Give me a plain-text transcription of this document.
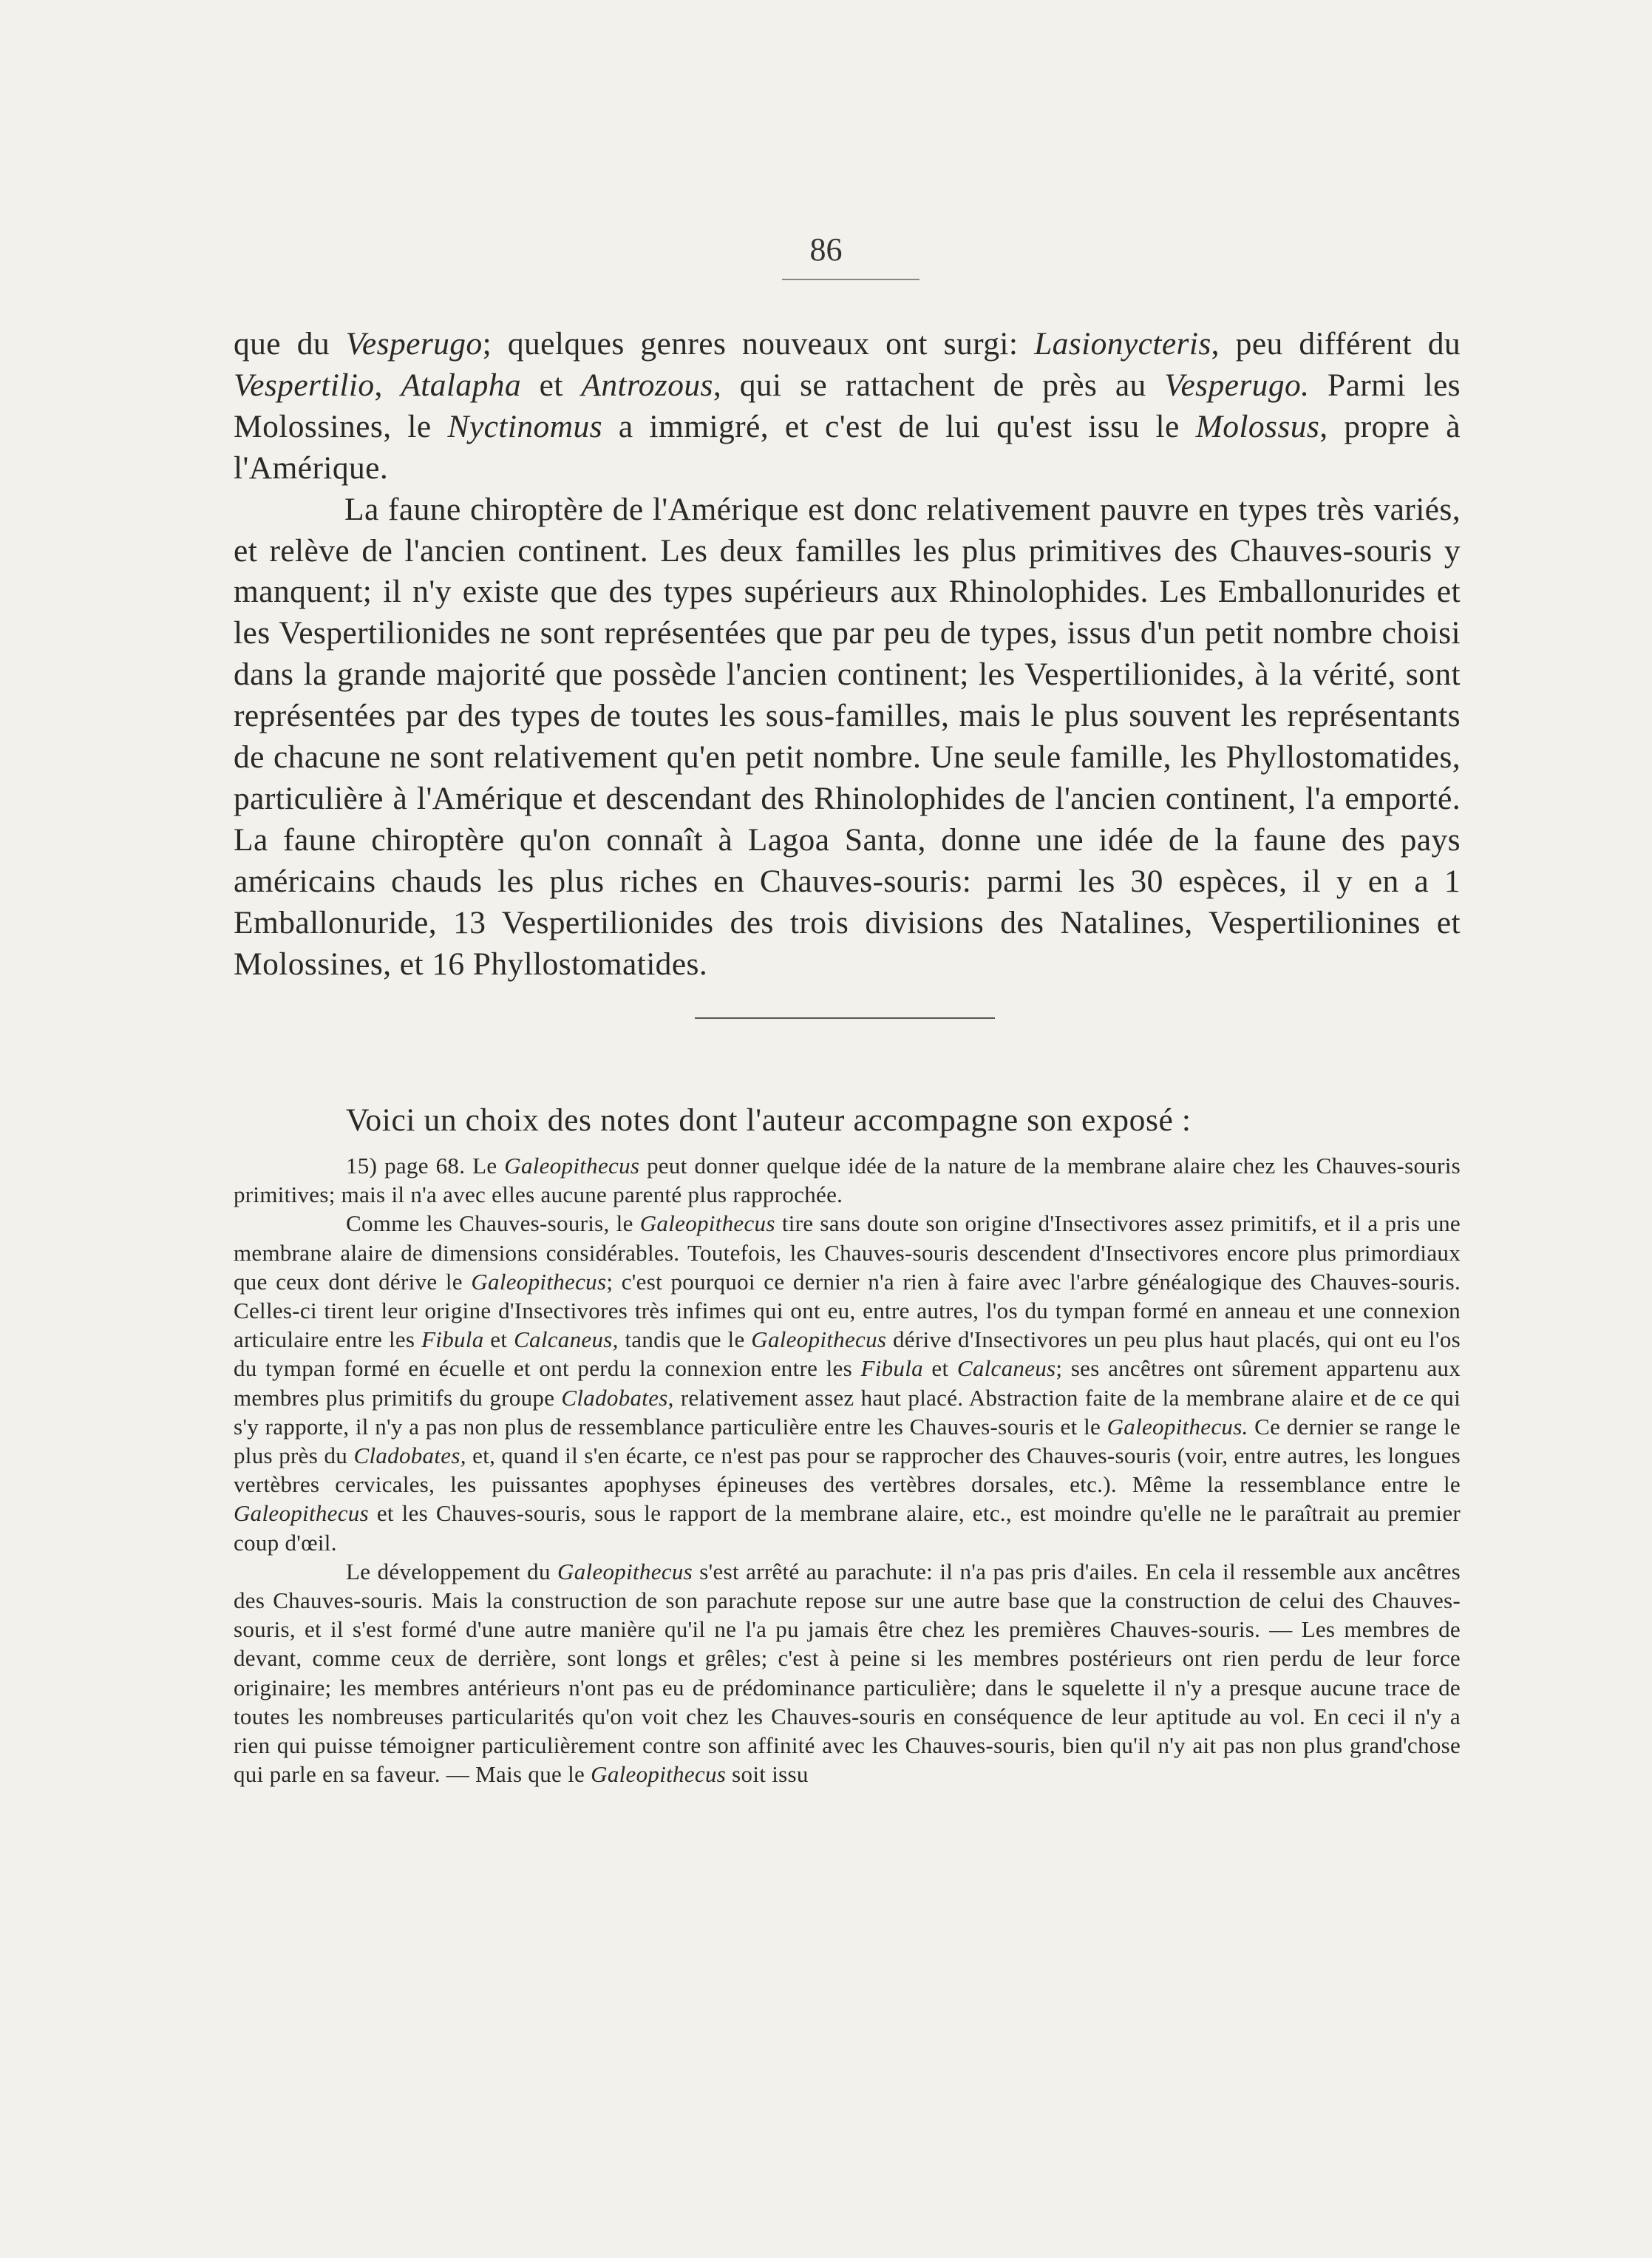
86

que du Vesperugo; quelques genres nouveaux ont surgi: Lasionycteris, peu différent du Vespertilio, Atalapha et Antrozous, qui se rattachent de près au Vesperugo. Parmi les Molossines, le Nyctinomus a immigré, et c'est de lui qu'est issu le Molossus, propre à l'Amérique.

La faune chiroptère de l'Amérique est donc relativement pauvre en types très variés, et relève de l'ancien continent. Les deux familles les plus primitives des Chauves-souris y manquent; il n'y existe que des types supérieurs aux Rhinolophides. Les Emballonurides et les Vespertilionides ne sont représentées que par peu de types, issus d'un petit nombre choisi dans la grande majorité que possède l'ancien continent; les Vespertilionides, à la vérité, sont représentées par des types de toutes les sous-familles, mais le plus souvent les représentants de chacune ne sont relativement qu'en petit nombre. Une seule famille, les Phyllostomatides, particulière à l'Amérique et descendant des Rhinolophides de l'ancien continent, l'a emporté. La faune chiroptère qu'on connaît à Lagoa Santa, donne une idée de la faune des pays américains chauds les plus riches en Chauves-souris: parmi les 30 espèces, il y en a 1 Emballonuride, 13 Vespertilionides des trois divisions des Natalines, Vespertilionines et Molossines, et 16 Phyllostomatides.

Voici un choix des notes dont l'auteur accompagne son exposé :

15) page 68. Le Galeopithecus peut donner quelque idée de la nature de la membrane alaire chez les Chauves-souris primitives; mais il n'a avec elles aucune parenté plus rapprochée.

Comme les Chauves-souris, le Galeopithecus tire sans doute son origine d'Insectivores assez primitifs, et il a pris une membrane alaire de dimensions considérables. Toutefois, les Chauves-souris descendent d'Insectivores encore plus primordiaux que ceux dont dérive le Galeopithecus; c'est pourquoi ce dernier n'a rien à faire avec l'arbre généalogique des Chauves-souris. Celles-ci tirent leur origine d'Insectivores très infimes qui ont eu, entre autres, l'os du tympan formé en anneau et une connexion articulaire entre les Fibula et Calcaneus, tandis que le Galeopithecus dérive d'Insectivores un peu plus haut placés, qui ont eu l'os du tympan formé en écuelle et ont perdu la connexion entre les Fibula et Calcaneus; ses ancêtres ont sûrement appartenu aux membres plus primitifs du groupe Cladobates, relativement assez haut placé. Abstraction faite de la membrane alaire et de ce qui s'y rapporte, il n'y a pas non plus de ressemblance particulière entre les Chauves-souris et le Galeopithecus. Ce dernier se range le plus près du Cladobates, et, quand il s'en écarte, ce n'est pas pour se rapprocher des Chauves-souris (voir, entre autres, les longues vertèbres cervicales, les puissantes apophyses épineuses des vertèbres dorsales, etc.). Même la ressemblance entre le Galeopithecus et les Chauves-souris, sous le rapport de la membrane alaire, etc., est moindre qu'elle ne le paraîtrait au premier coup d'œil.

Le développement du Galeopithecus s'est arrêté au parachute: il n'a pas pris d'ailes. En cela il ressemble aux ancêtres des Chauves-souris. Mais la construction de son parachute repose sur une autre base que la construction de celui des Chauves-souris, et il s'est formé d'une autre manière qu'il ne l'a pu jamais être chez les premières Chauves-souris. — Les membres de devant, comme ceux de derrière, sont longs et grêles; c'est à peine si les membres postérieurs ont rien perdu de leur force originaire; les membres antérieurs n'ont pas eu de prédominance particulière; dans le squelette il n'y a presque aucune trace de toutes les nombreuses particularités qu'on voit chez les Chauves-souris en conséquence de leur aptitude au vol. En ceci il n'y a rien qui puisse témoigner particulièrement contre son affinité avec les Chauves-souris, bien qu'il n'y ait pas non plus grand'chose qui parle en sa faveur. — Mais que le Galeopithecus soit issu
